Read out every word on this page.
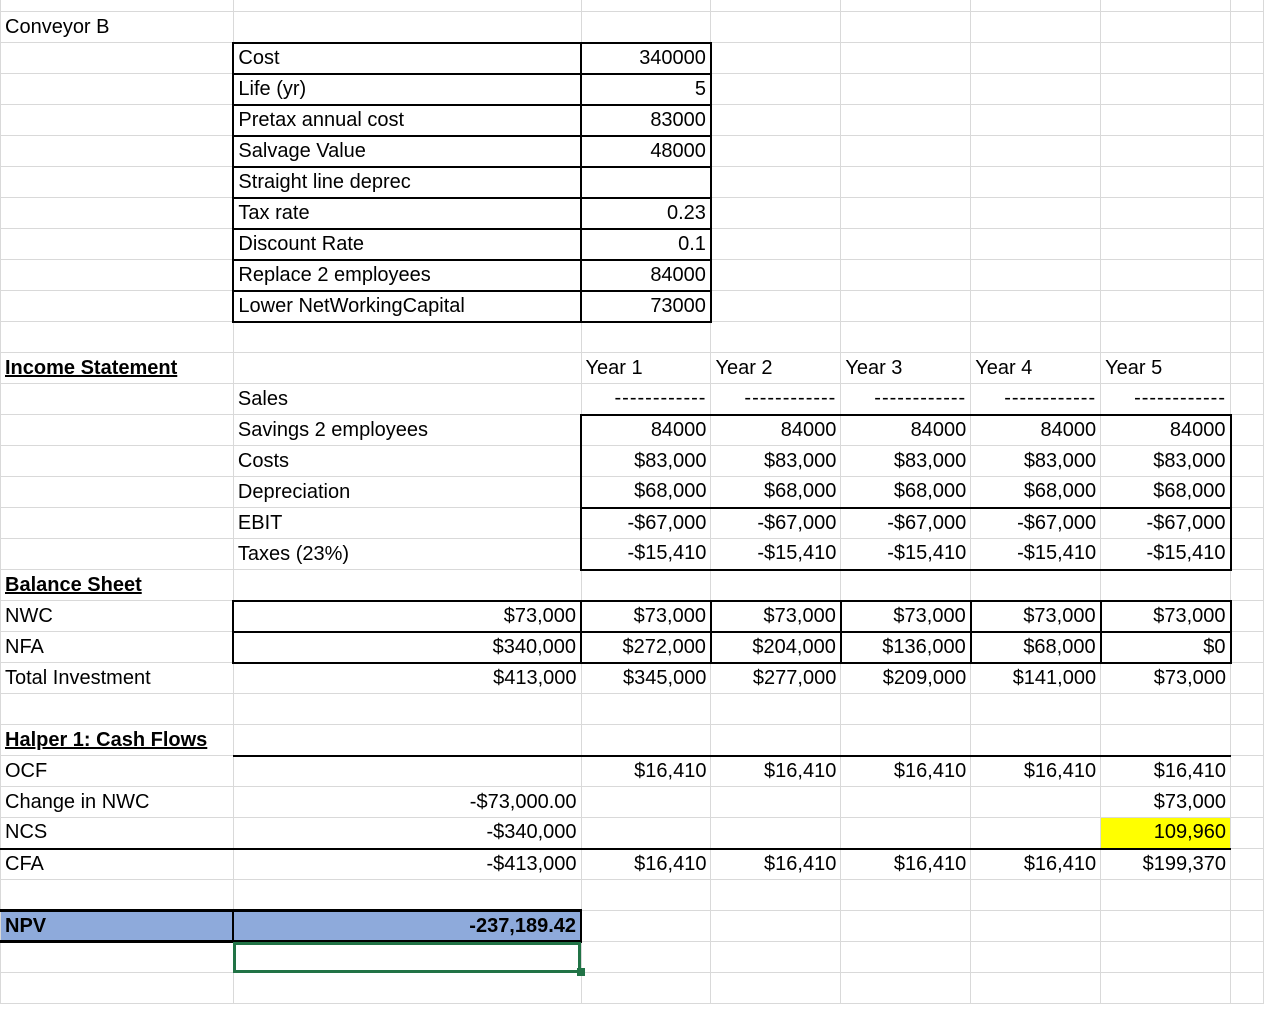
Conveyor B							
	Cost	340000					
	Life (yr)	5					
	Pretax annual cost	83000					
	Salvage Value	48000					
	Straight line deprec						
	Tax rate	0.23					
	Discount Rate	0.1					
	Replace 2 employees	84000					
	Lower NetWorkingCapital	73000					

Income Statement		Year 1	Year 2	Year 3	Year 4	Year 5	
	Sales	------------	------------	------------	------------	------------	
	Savings 2 employees	84000	84000	84000	84000	84000	
	Costs	$83,000	$83,000	$83,000	$83,000	$83,000	
	Depreciation	$68,000	$68,000	$68,000	$68,000	$68,000	
	EBIT	-$67,000	-$67,000	-$67,000	-$67,000	-$67,000	
	Taxes (23%)	-$15,410	-$15,410	-$15,410	-$15,410	-$15,410	
Balance Sheet							
NWC	$73,000	$73,000	$73,000	$73,000	$73,000	$73,000	
NFA	$340,000	$272,000	$204,000	$136,000	$68,000	$0	
Total Investment	$413,000	$345,000	$277,000	$209,000	$141,000	$73,000	

Halper 1: Cash Flows							
OCF		$16,410	$16,410	$16,410	$16,410	$16,410	
Change in NWC	-$73,000.00					$73,000	
NCS	-$340,000					109,960	
CFA	-$413,000	$16,410	$16,410	$16,410	$16,410	$199,370	

NPV	-237,189.42						
